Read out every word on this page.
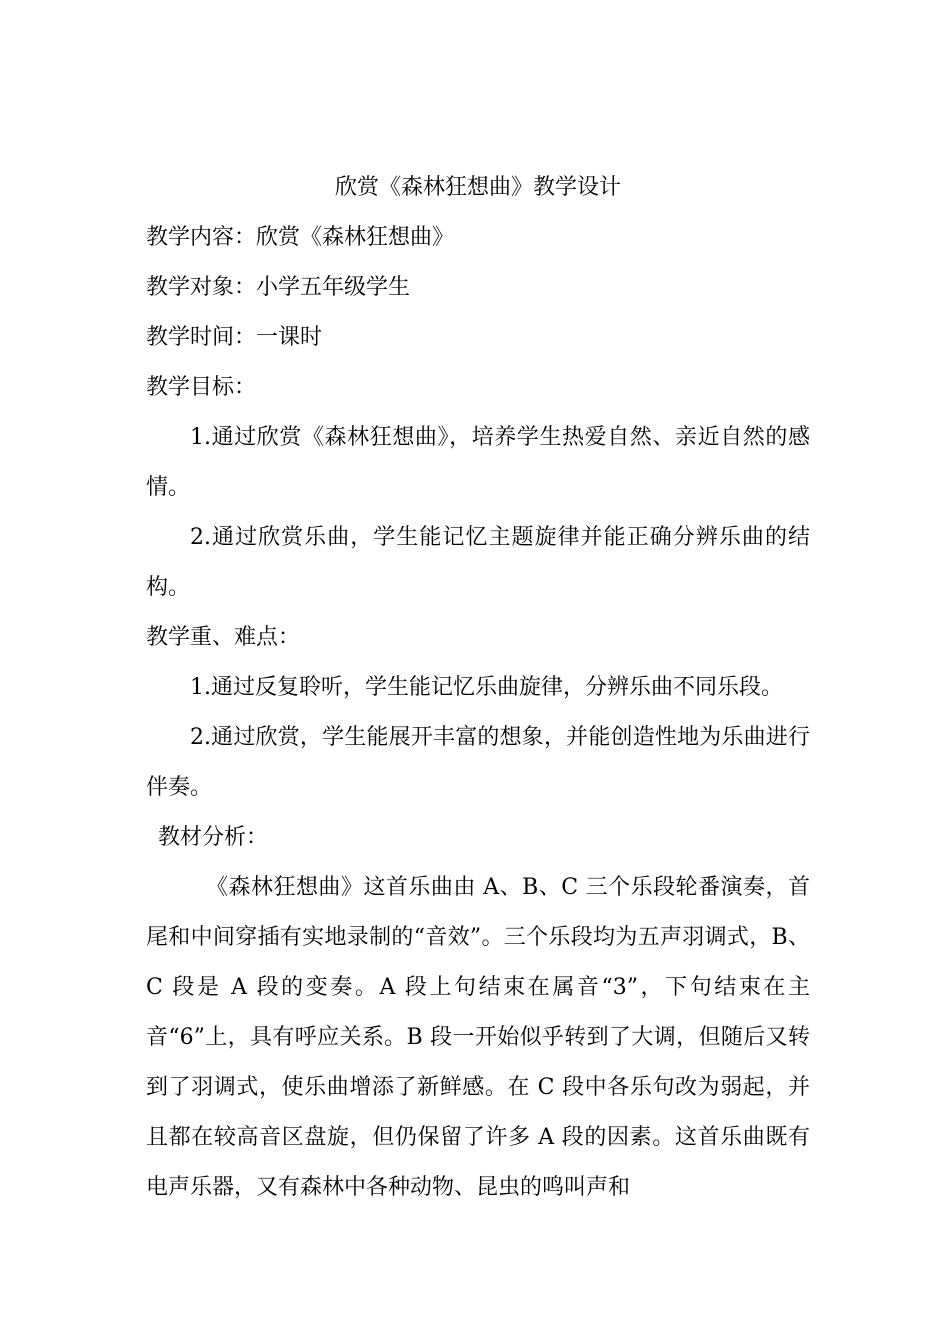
欣赏《森林狂想曲》教学设计

教学内容：欣赏《森林狂想曲》

教学对象：小学五年级学生

教学时间：一课时

教学目标：

1.通过欣赏《森林狂想曲》，培养学生热爱自然、亲近自然的感情。

2.通过欣赏乐曲，学生能记忆主题旋律并能正确分辨乐曲的结构。

教学重、难点：

1.通过反复聆听，学生能记忆乐曲旋律，分辨乐曲不同乐段。

2.通过欣赏，学生能展开丰富的想象，并能创造性地为乐曲进行伴奏。

教材分析：

《森林狂想曲》这首乐曲由 A、B、C 三个乐段轮番演奏，首尾和中间穿插有实地录制的“音效”。三个乐段均为五声羽调式，B、C 段是 A 段的变奏。A 段上句结束在属音“3”，下句结束在主音“6”上，具有呼应关系。B 段一开始似乎转到了大调，但随后又转到了羽调式，使乐曲增添了新鲜感。在 C 段中各乐句改为弱起，并且都在较高音区盘旋，但仍保留了许多 A 段的因素。这首乐曲既有电声乐器，又有森林中各种动物、昆虫的鸣叫声和
